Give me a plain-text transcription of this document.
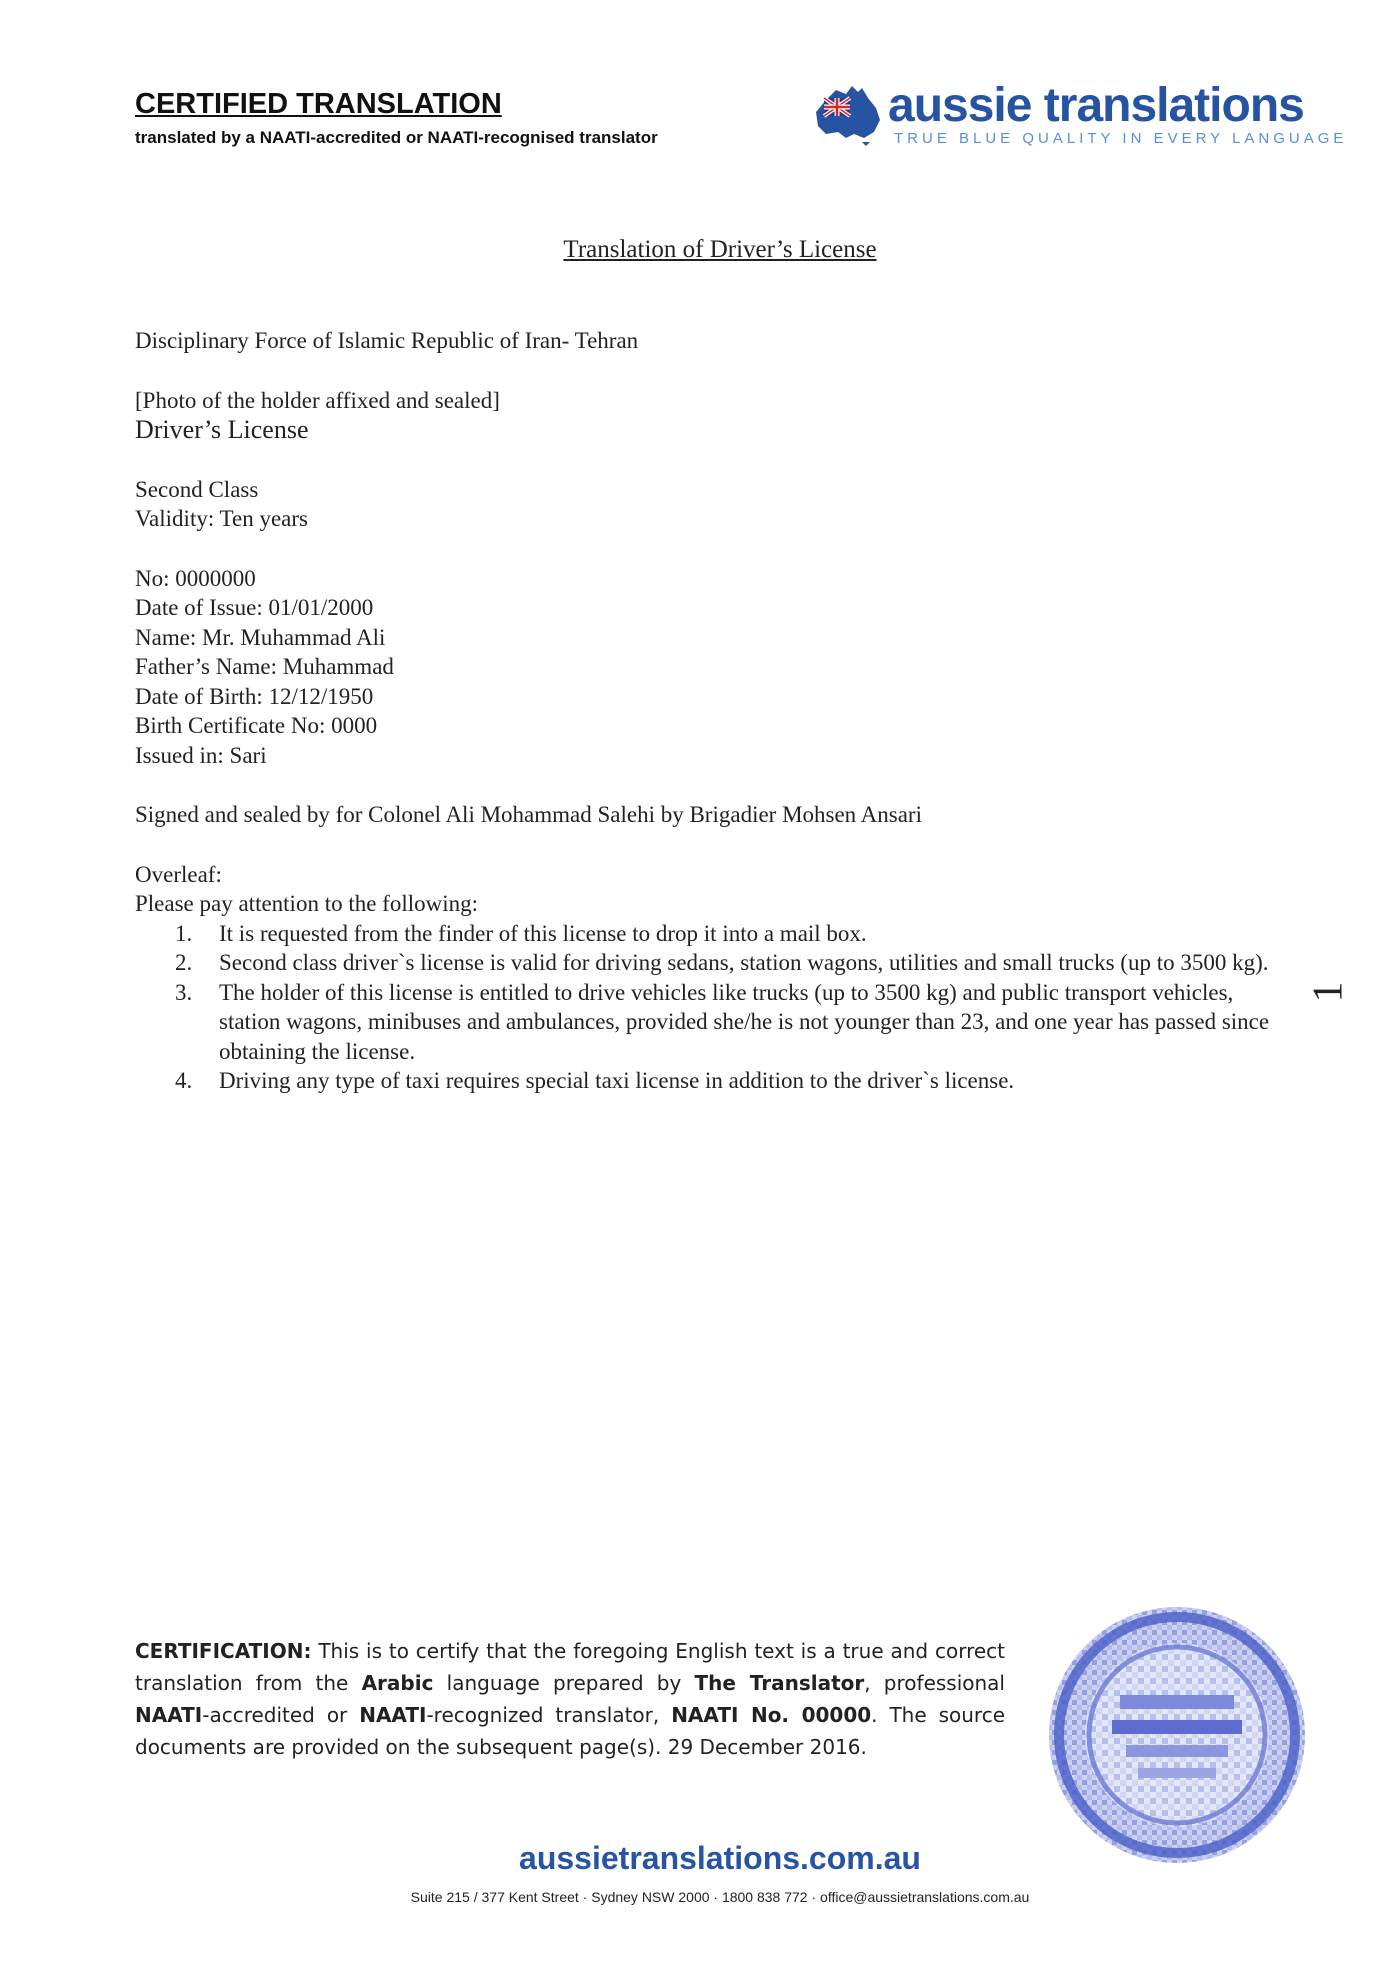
CERTIFIED TRANSLATION
translated by a NAATI-accredited or NAATI-recognised translator
aussie translations
TRUE BLUE QUALITY IN EVERY LANGUAGE
Translation of Driver’s License

Disciplinary Force of Islamic Republic of Iran- Tehran

[Photo of the holder affixed and sealed]

Driver’s License

Second Class

Validity: Ten years

No: 0000000

Date of Issue: 01/01/2000

Name: Mr. Muhammad Ali

Father’s Name: Muhammad

Date of Birth: 12/12/1950

Birth Certificate No: 0000

Issued in: Sari

Signed and sealed by for Colonel Ali Mohammad Salehi by Brigadier Mohsen Ansari

Overleaf:

Please pay attention to the following:

1. It is requested from the finder of this license to drop it into a mail box.
2. Second class driver`s license is valid for driving sedans, station wagons, utilities and small trucks (up to 3500 kg).
3. The holder of this license is entitled to drive vehicles like trucks (up to 3500 kg) and public transport vehicles, station wagons, minibuses and ambulances, provided she/he is not younger than 23, and one year has passed since obtaining the license.
4. Driving any type of taxi requires special taxi license in addition to the driver`s license.
1
CERTIFICATION: This is to certify that the foregoing English text is a true and correct translation from the Arabic language prepared by The Translator, professional NAATI-accredited or NAATI-recognized translator, NAATI No. 00000. The source documents are provided on the subsequent page(s). 29 December 2016.
aussietranslations.com.au
Suite 215 / 377 Kent Street · Sydney NSW 2000 · 1800 838 772 · office@aussietranslations.com.au
